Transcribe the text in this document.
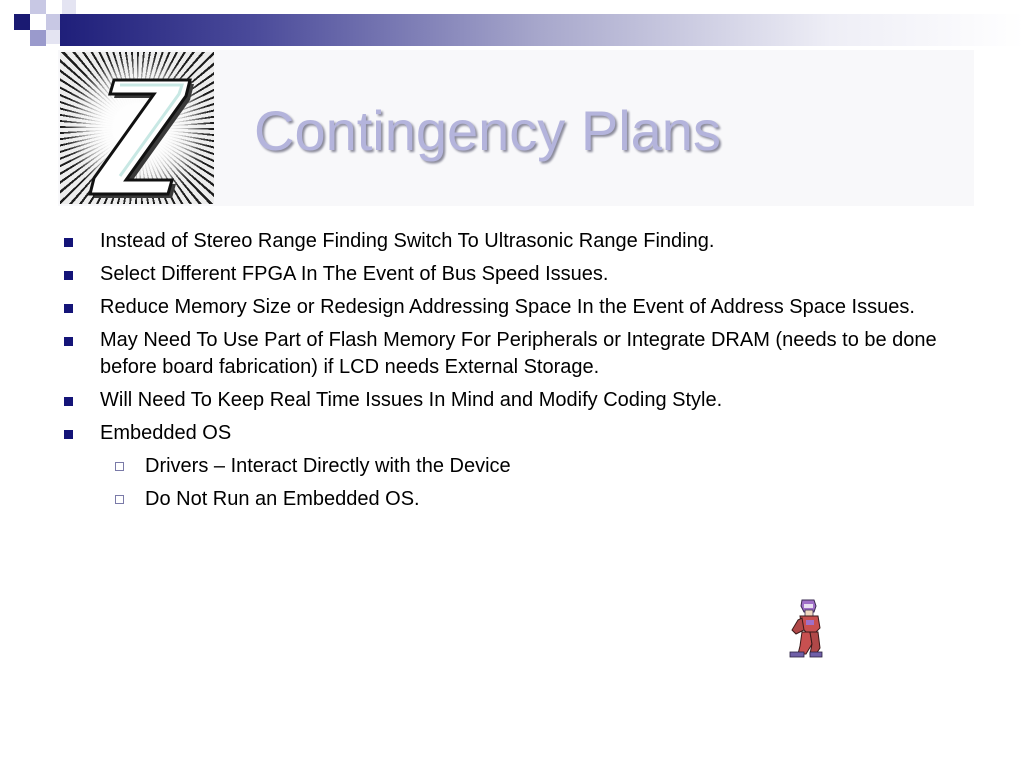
Contingency Plans
Instead of Stereo Range Finding Switch To Ultrasonic Range Finding.
Select Different FPGA In The Event of Bus Speed Issues.
Reduce Memory Size or Redesign Addressing Space In the Event of Address Space Issues.
May Need To Use Part of Flash Memory For Peripherals or Integrate DRAM (needs to be done before board fabrication) if LCD needs External Storage.
Will Need To Keep Real Time Issues In Mind and Modify Coding Style.
Embedded OS
Drivers – Interact Directly with the Device
Do Not Run an Embedded OS.
